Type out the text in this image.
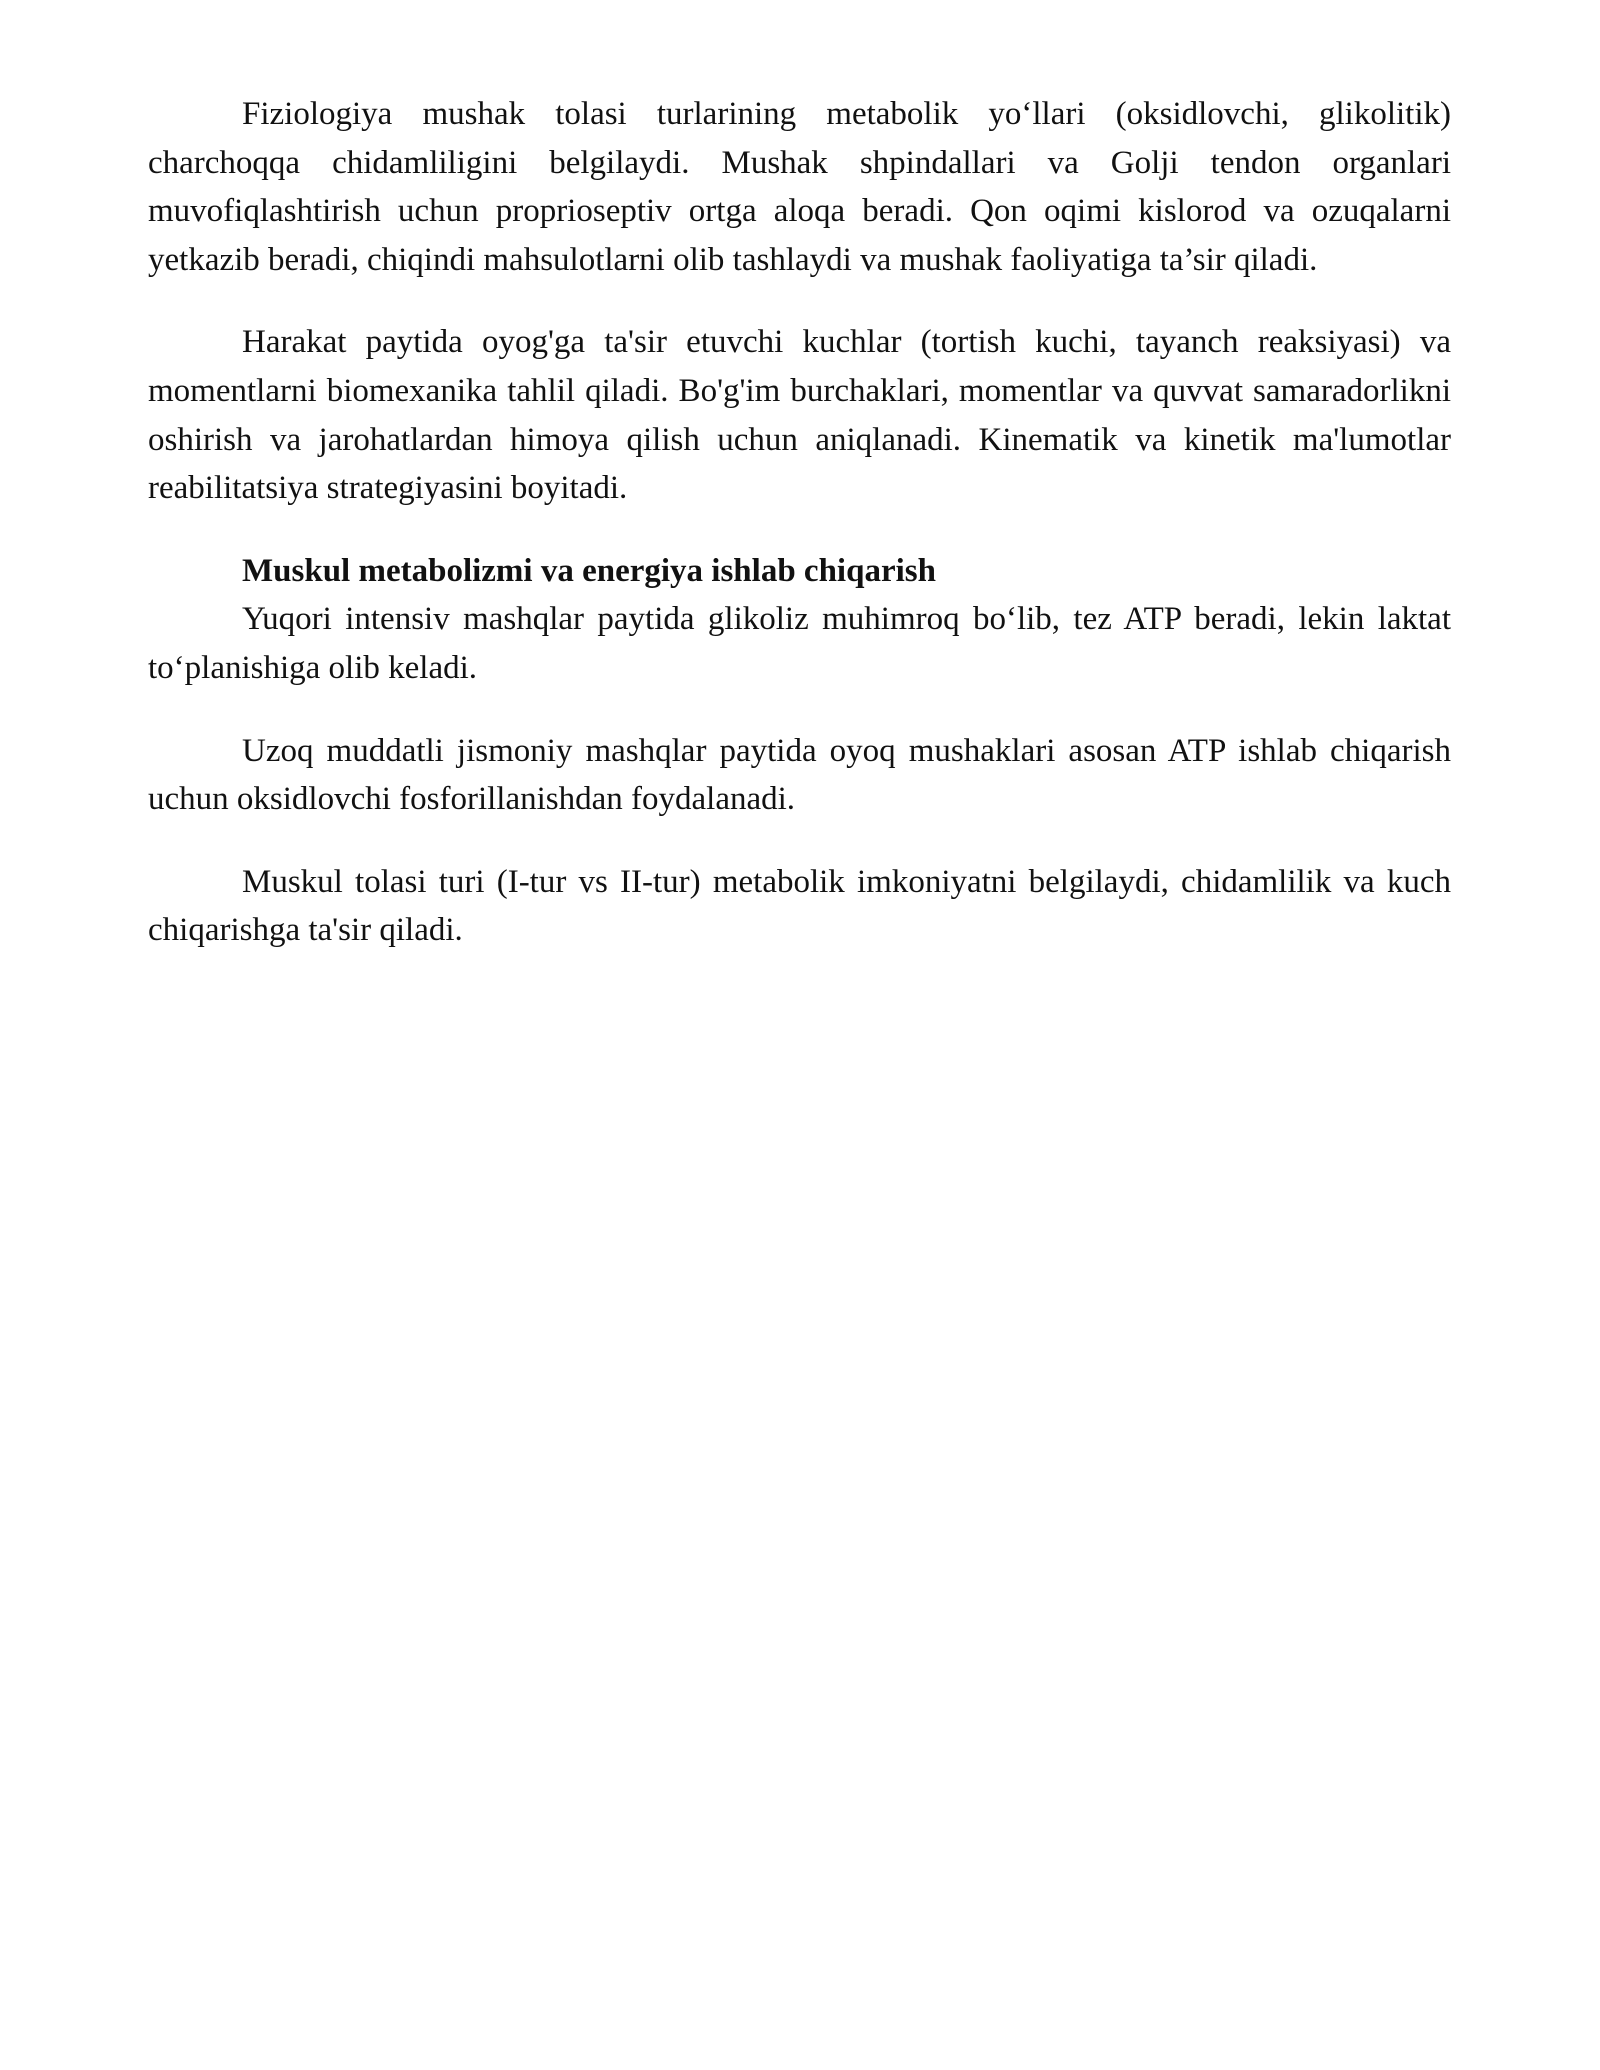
Fiziologiya mushak tolasi turlarining metabolik yo‘llari (oksidlovchi, glikolitik) charchoqqa chidamliligini belgilaydi. Mushak shpindallari va Golji tendon organlari muvofiqlashtirish uchun proprioseptiv ortga aloqa beradi. Qon oqimi kislorod va ozuqalarni yetkazib beradi, chiqindi mahsulotlarni olib tashlaydi va mushak faoliyatiga ta’sir qiladi.

Harakat paytida oyog'ga ta'sir etuvchi kuchlar (tortish kuchi, tayanch reaksiyasi) va momentlarni biomexanika tahlil qiladi. Bo'g'im burchaklari, momentlar va quvvat samaradorlikni oshirish va jarohatlardan himoya qilish uchun aniqlanadi. Kinematik va kinetik ma'lumotlar reabilitatsiya strategiyasini boyitadi.

Muskul metabolizmi va energiya ishlab chiqarish

Yuqori intensiv mashqlar paytida glikoliz muhimroq bo‘lib, tez ATP beradi, lekin laktat to‘planishiga olib keladi.

Uzoq muddatli jismoniy mashqlar paytida oyoq mushaklari asosan ATP ishlab chiqarish uchun oksidlovchi fosforillanishdan foydalanadi.

Muskul tolasi turi (I-tur vs II-tur) metabolik imkoniyatni belgilaydi, chidamlilik va kuch chiqarishga ta'sir qiladi.
